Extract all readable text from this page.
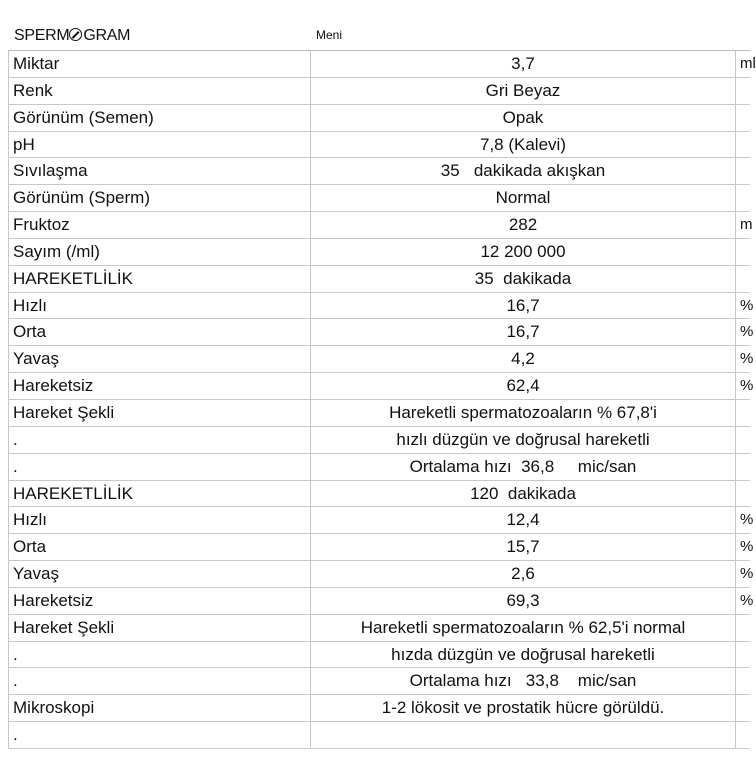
SPERM GRAM	Meni
Miktar	3,7	ml
Renk	Gri Beyaz
Görünüm (Semen)	Opak
pH	7,8 (Kalevi)
Sıvılaşma	35   dakikada akışkan
Görünüm (Sperm)	Normal
Fruktoz	282	m
Sayım (/ml)	12 200 000
HAREKETLİLİK	35  dakikada
Hızlı	16,7	%
Orta	16,7	%
Yavaş	4,2	%
Hareketsiz	62,4	%
Hareket Şekli	Hareketli spermatozoaların % 67,8'i
.	hızlı düzgün ve doğrusal hareketli
.	Ortalama hızı  36,8     mic/san
HAREKETLİLİK	120  dakikada
Hızlı	12,4	%
Orta	15,7	%
Yavaş	2,6	%
Hareketsiz	69,3	%
Hareket Şekli	Hareketli spermatozoaların % 62,5'i normal
.	hızda düzgün ve doğrusal hareketli
.	Ortalama hızı   33,8    mic/san
Mikroskopi	1-2 lökosit ve prostatik hücre görüldü.
.
